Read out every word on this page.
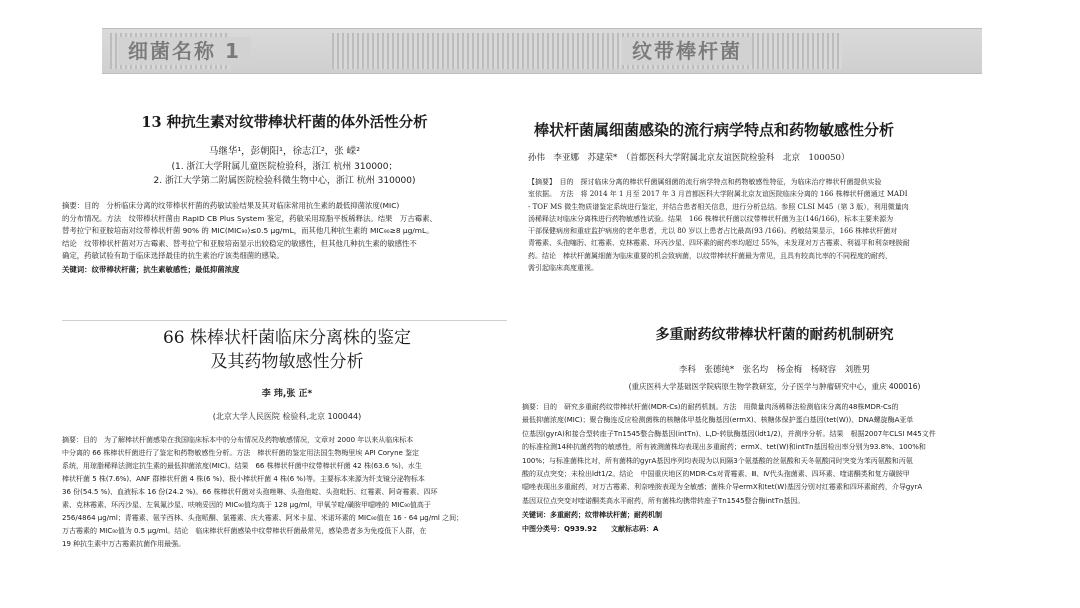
细菌名称 1	纹带棒杆菌

13 种抗生素对纹带棒状杆菌的体外活性分析

马继华¹，彭朝阳¹，徐志江²，张 嵘²

(1. 浙江大学附属儿童医院检验科，浙江 杭州 310000；

2. 浙江大学第二附属医院检验科微生物中心，浙江 杭州 310000)

摘要：目的　分析临床分离的纹带棒状杆菌的药敏试验结果及其对临床常用抗生素的最低抑菌浓度(MIC)

的分布情况。方法　纹带棒状杆菌由 RapID CB Plus System 鉴定，药敏采用琼脂平板稀释法。结果　万古霉素、

替考拉宁和亚胺培南对纹带棒状杆菌 90% 的 MIC(MIC₉₀)≤0.5 μg/mL，而其他几种抗生素的 MIC₉₀≥8 μg/mL。

结论　纹带棒状杆菌对万古霉素、替考拉宁和亚胺培南显示出较稳定的敏感性，但其他几种抗生素的敏感性不

确定，药敏试验有助于临床选择最佳的抗生素治疗该类细菌的感染。

关键词：纹带棒状杆菌；抗生素敏感性；最低抑菌浓度

棒状杆菌属细菌感染的流行病学特点和药物敏感性分析

孙伟　李亚娜　苏建荣*　（首都医科大学附属北京友谊医院检验科　北京　100050）

【摘要】　目的　探讨临床分离的棒状杆菌属细菌的流行病学特点和药物敏感性特征，为临床治疗棒状杆菌提供实验

室依据。　方法　将 2014 年 1 月至 2017 年 3 月首都医科大学附属北京友谊医院临床分离的 166 株棒状杆菌通过 MADI

- TOF MS 微生物质谱鉴定系统进行鉴定，并结合患者相关信息，进行分析总结。参照 CLSI M45（第 3 版），利用微量肉

汤稀释法对临床分离株进行药物敏感性试验。结果　166 株棒状杆菌以纹带棒状杆菌为主(146/166)，标本主要来源为

干部保健病房和重症监护病房的老年患者，尤以 80 岁以上患者占比最高(93 /166)。药敏结果显示，166 株棒状杆菌对

青霉素、头孢噻肟、红霉素、克林霉素、环丙沙星、四环素的耐药率均超过 55%，未发现对万古霉素、利福平和利奈唑胺耐

药。结论　棒状杆菌属细菌为临床重要的机会致病菌，以纹带棒状杆菌最为常见，且具有较高比率的不同程度的耐药，

需引起临床高度重视。

66 株棒状杆菌临床分离株的鉴定

及其药物敏感性分析

李 玮,张 正*

(北京大学人民医院 检验科,北京 100044)

摘要：目的　为了解棒状杆菌感染在我国临床标本中的分布情况及药物敏感情况，文章对 2000 年以来从临床标本

中分离的 66 株棒状杆菌进行了鉴定和药物敏感性分析。方法　棒状杆菌的鉴定用法国生物梅里埃 API Coryne 鉴定

系统，用琼脂稀释法测定抗生素的最低抑菌浓度(MIC)。结果　66 株棒状杆菌中纹带棒状杆菌 42 株(63.6 %)、水生

棒状杆菌 5 株(7.6%)、ANF 群棒状杆菌 4 株(6 %)、极小棒状杆菌 4 株(6 %)等。主要标本来源为纤支镜分泌物标本

36 份(54.5 %)、血液标本 16 份(24.2 %)。66 株棒状杆菌对头孢唑啉、头孢他啶、头孢吡肟、红霉素、阿奇霉素、四环

素、克林霉素、环丙沙星、左氧氟沙星、呋喃妥因的 MIC₉₀值均高于 128 μg/ml，甲氧苄啶/磺胺甲噁唑的 MIC₉₀值高于

256/4864 μg/ml；青霉素、氨苄西林、头孢哌酮、氯霉素、庆大霉素、阿米卡星、米诺环素的 MIC₉₀值在 16 - 64 μg/ml 之间；

万古霉素的 MIC₉₀值为 0.5 μg/ml。结论　临床棒状杆菌感染中纹带棒状杆菌最常见，感染患者多为免疫低下人群，在

19 种抗生素中万古霉素抗菌作用最强。

多重耐药纹带棒状杆菌的耐药机制研究

李科　张德纯*　张名均　杨金梅　杨晓容　刘胜男

(重庆医科大学基础医学院病原生物学教研室，分子医学与肿瘤研究中心，重庆 400016)

摘要：目的　研究多重耐药纹带棒状杆菌(MDR-Cs)的耐药机制。方法　用微量肉汤稀释法检测临床分离的48株MDR-Cs的

最低抑菌浓度(MIC)；聚合酶连反应检测菌株的核糖体甲基化酶基因(ermX)、核糖体保护蛋白基因(tet(W))、DNA螺旋酶A亚单

位基因(gyrA)和接合型转座子Tn1545整合酶基因(intTn)、L,D-转肽酶基因(ldt1/2)，并测序分析。结果　根据2007年CLSI M45文件

的标准检测14种抗菌药物的敏感性，所有被测菌株均表现出多重耐药；ermX、tet(W)和intTn基因检出率分别为93.8%、100%和

100%；与标准菌株比对，所有菌株的gyrA基因序列均表现为以间隔3个氨基酸的丝氨酸和天冬氨酸同时突变为苯丙氨酸和丙氨

酸的双点突变；未检出ldt1/2。结论　中国重庆地区的MDR-Cs对青霉素、Ⅲ、Ⅳ代头孢菌素、四环素、喹诺酮类和复方磺胺甲

噁唑表现出多重耐药，对万古霉素、利奈唑胺表现为全敏感；菌株介导ermX和tet(W)基因分别对红霉素和四环素耐药，介导gyrA

基因双位点突变对喹诺酮类高水平耐药，所有菌株均携带转座子Tn1545整合酶intTn基因。

关键词：多重耐药；纹带棒状杆菌；耐药机制

中图分类号：Q939.92　　文献标志码：A
